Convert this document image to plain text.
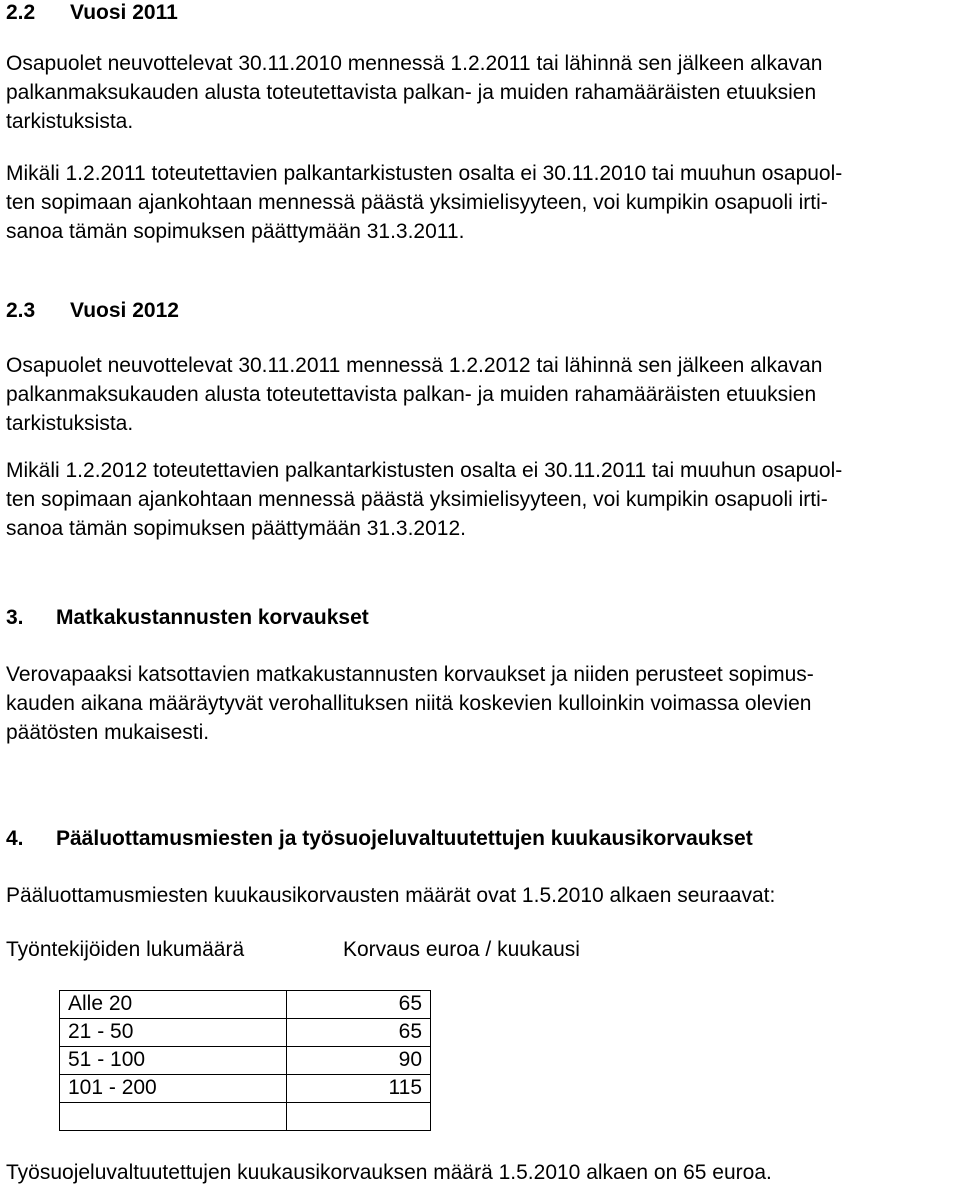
2.2 Vuosi 2011
Osapuolet neuvottelevat 30.11.2010 mennessä 1.2.2011 tai lähinnä sen jälkeen alkavan
palkanmaksukauden alusta toteutettavista palkan- ja muiden rahamääräisten etuuksien
tarkistuksista.
Mikäli 1.2.2011 toteutettavien palkantarkistusten osalta ei 30.11.2010 tai muuhun osapuol-
ten sopimaan ajankohtaan mennessä päästä yksimielisyyteen, voi kumpikin osapuoli irti-
sanoa tämän sopimuksen päättymään 31.3.2011.
2.3 Vuosi 2012
Osapuolet neuvottelevat 30.11.2011 mennessä 1.2.2012 tai lähinnä sen jälkeen alkavan
palkanmaksukauden alusta toteutettavista palkan- ja muiden rahamääräisten etuuksien
tarkistuksista.
Mikäli 1.2.2012 toteutettavien palkantarkistusten osalta ei 30.11.2011 tai muuhun osapuol-
ten sopimaan ajankohtaan mennessä päästä yksimielisyyteen, voi kumpikin osapuoli irti-
sanoa tämän sopimuksen päättymään 31.3.2012.
3. Matkakustannusten korvaukset
Verovapaaksi katsottavien matkakustannusten korvaukset ja niiden perusteet sopimus-
kauden aikana määräytyvät verohallituksen niitä koskevien kulloinkin voimassa olevien
päätösten mukaisesti.
4. Pääluottamusmiesten ja työsuojeluvaltuutettujen kuukausikorvaukset
Pääluottamusmiesten kuukausikorvausten määrät ovat 1.5.2010 alkaen seuraavat:
Työntekijöiden lukumäärä	Korvaus euroa / kuukausi
Alle 20	65
21 - 50	65
51 - 100	90
101 - 200	115

Työsuojeluvaltuutettujen kuukausikorvauksen määrä 1.5.2010 alkaen on 65 euroa.
